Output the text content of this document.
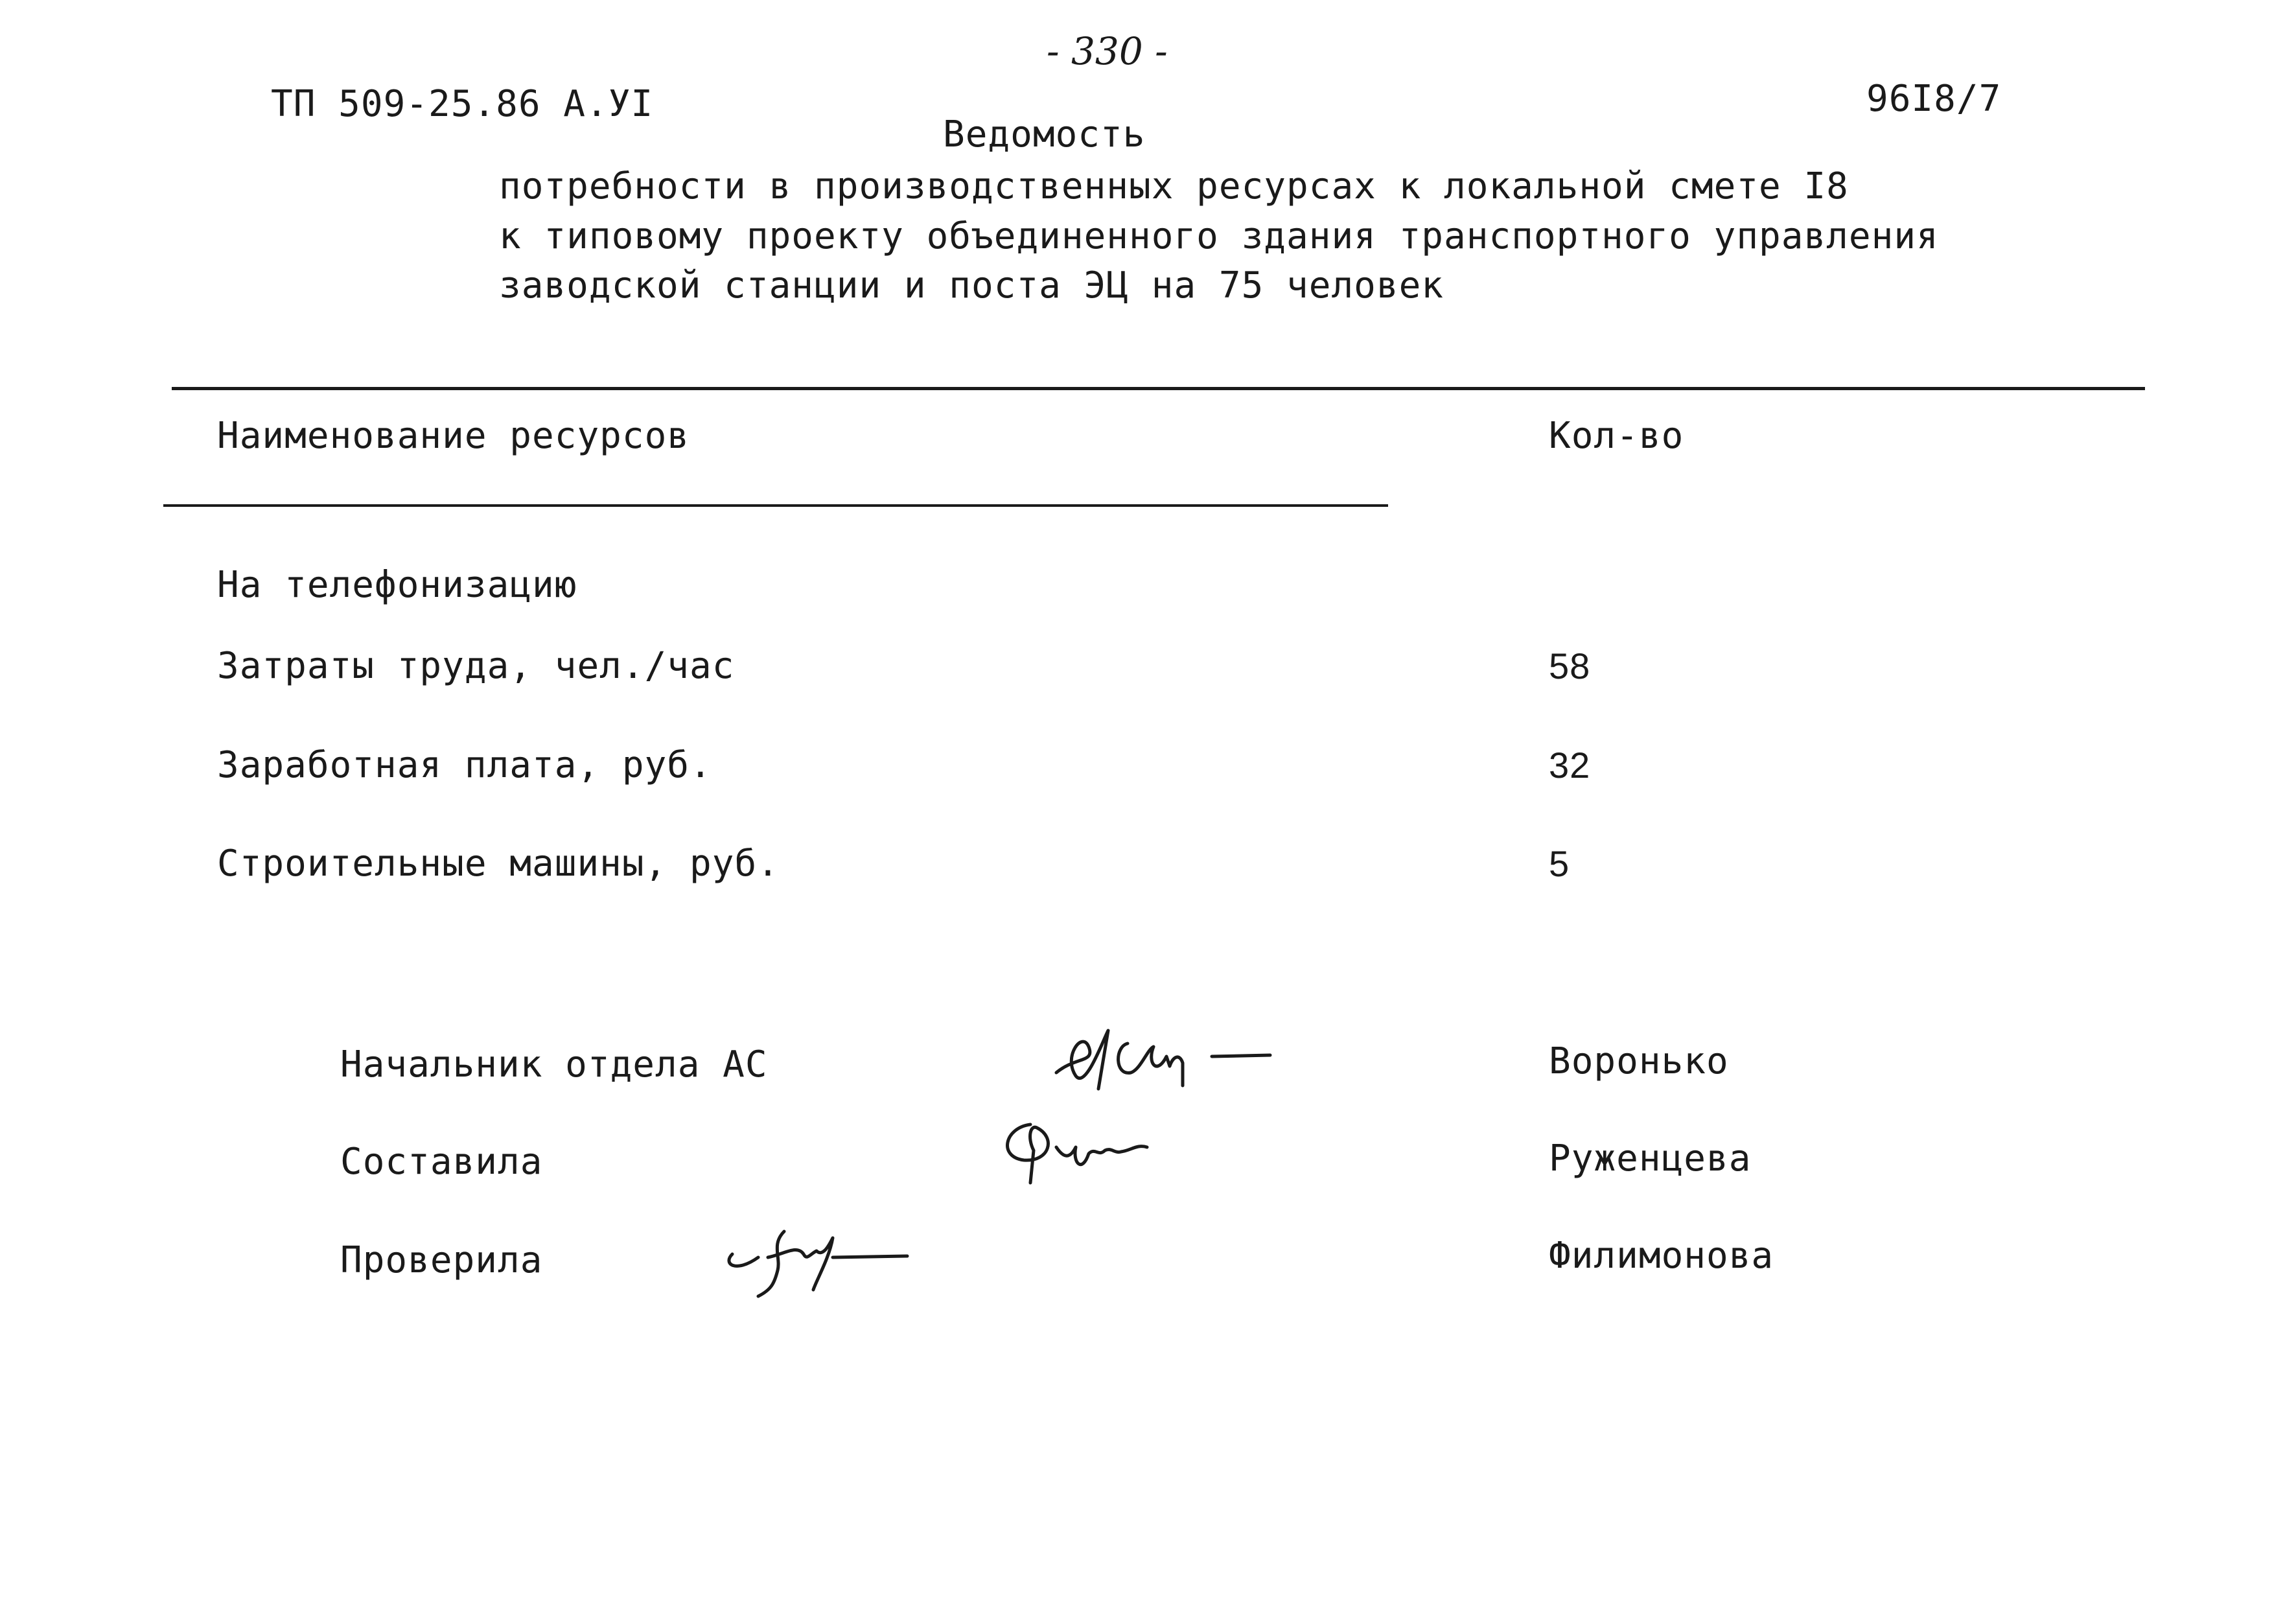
- 330 -
ТП 509-25.86 А.УI	96I8/7
Ведомость
потребности в производственных ресурсах к локальной смете I8
к типовому проекту объединенного здания транспортного управления
заводской станции и поста ЭЦ на 75 человек
Наименование ресурсов	Кол-во
На телефонизацию
Затраты труда, чел./час	58
Заработная плата, руб.	32
Строительные машины, руб.	5
Начальник отдела АС	Воронько
Составила	Руженцева
Проверила	Филимонова
